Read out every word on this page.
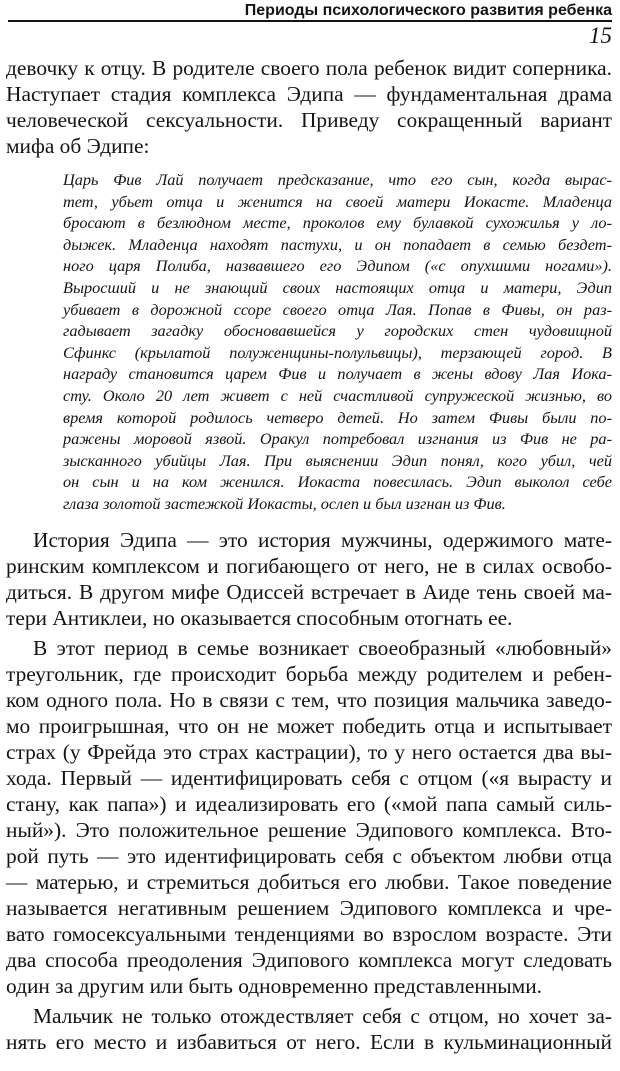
Периоды психологического развития ребенка
15

девочку к отцу. В родителе своего пола ребенок видит соперника.

Наступает стадия комплекса Эдипа — фундаментальная драма

человеческой сексуальности. Приведу сокращенный вариант

мифа об Эдипе:

Царь Фив Лай получает предсказание, что его сын, когда выраc-

тет, убьет отца и женится на своей матери Иокасте. Младенца

бросают в безлюдном месте, проколов ему булавкой сухожилья у ло-

дыжек. Младенца находят пастухи, и он попадает в семью бездет-

ного царя Полиба, назвавшего его Эдипом («с опухшими ногами»).

Выросший и не знающий своих настоящих отца и матери, Эдип

убивает в дорожной ссоре своего отца Лая. Попав в Фивы, он раз-

гадывает загадку обосновавшейся у городских стен чудовищной

Сфинкс (крылатой полуженщины-полульвицы), терзающей город. В

награду становится царем Фив и получает в жены вдову Лая Иока-

сту. Около 20 лет живет с ней счастливой супружеской жизнью, во

время которой родилось четверо детей. Но затем Фивы были по-

ражены моровой язвой. Оракул потребовал изгнания из Фив не ра-

зысканного убийцы Лая. При выяснении Эдип понял, кого убил, чей

он сын и на ком женился. Иокаста повесилась. Эдип выколол себе

глаза золотой застежкой Иокасты, ослеп и был изгнан из Фив.

История Эдипа — это история мужчины, одержимого мате-

ринским комплексом и погибающего от него, не в силах освобо-

диться. В другом мифе Одиссей встречает в Аиде тень своей ма-

тери Антиклеи, но оказывается способным отогнать ее.

В этот период в семье возникает своеобразный «любовный»

треугольник, где происходит борьба между родителем и ребен-

ком одного пола. Но в связи с тем, что позиция мальчика заведо-

мо проигрышная, что он не может победить отца и испытывает

страх (у Фрейда это страх кастрации), то у него остается два вы-

хода. Первый — идентифицировать себя с отцом («я вырасту и

стану, как папа») и идеализировать его («мой папа самый силь-

ный»). Это положительное решение Эдипового комплекса. Вто-

рой путь — это идентифицировать себя с объектом любви отца

— матерью, и стремиться добиться его любви. Такое поведение

называется негативным решением Эдипового комплекса и чре-

вато гомосексуальными тенденциями во взрослом возрасте. Эти

два способа преодоления Эдипового комплекса могут следовать

один за другим или быть одновременно представленными.

Мальчик не только отождествляет себя с отцом, но хочет за-

нять его место и избавиться от него. Если в кульминационный
